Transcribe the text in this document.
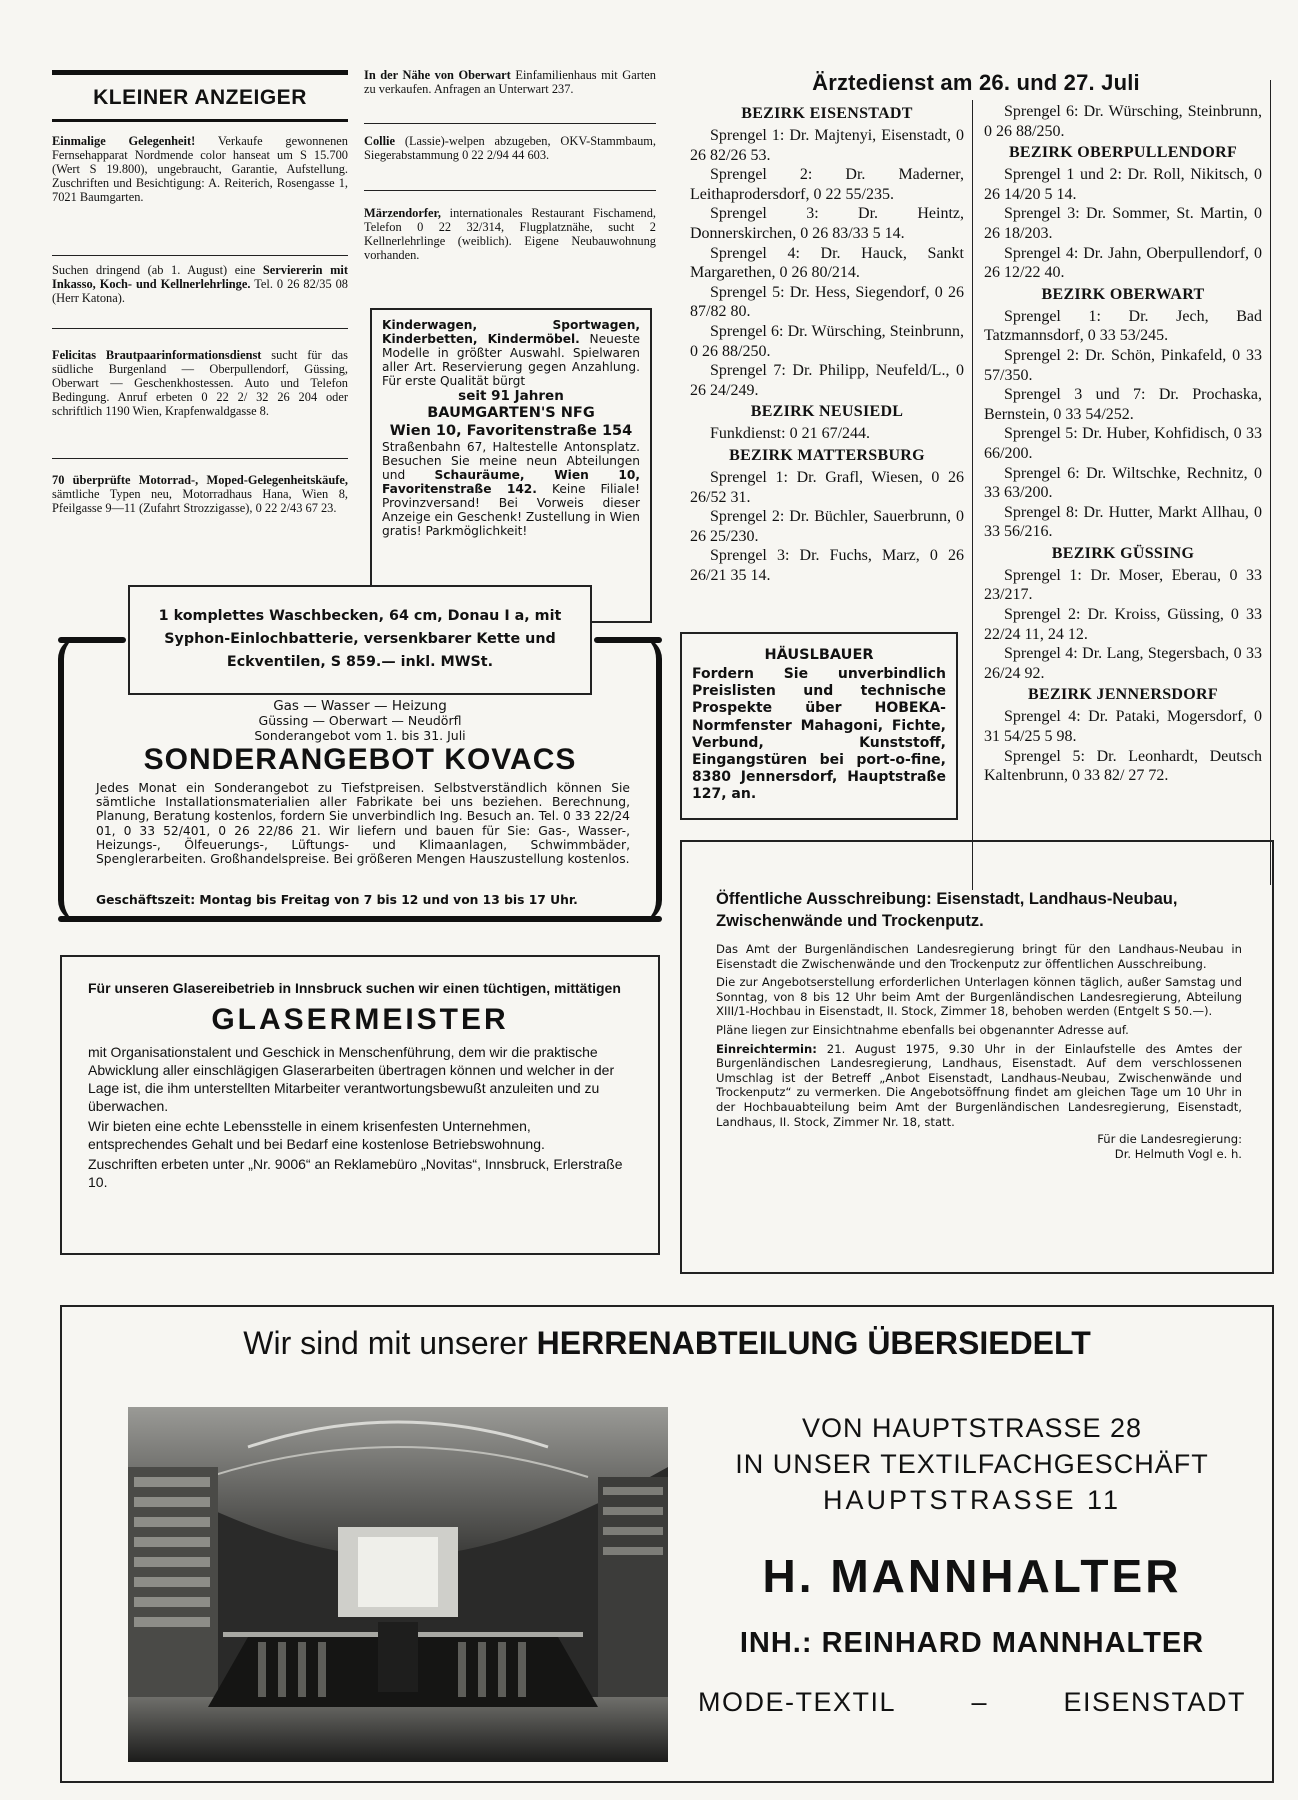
KLEINER ANZEIGER

Einmalige Gelegenheit! Verkaufe gewonnenen Fernsehapparat Nordmende color hanseat um S 15.700 (Wert S 19.800), ungebraucht, Garantie, Aufstellung. Zuschriften und Besichtigung: A. Reiterich, Rosengasse 1, 7021 Baumgarten.

Suchen dringend (ab 1. August) eine Serviererin mit Inkasso, Koch- und Kellnerlehrlinge. Tel. 0 26 82/35 08 (Herr Katona).

Felicitas Brautpaarinformationsdienst sucht für das südliche Burgenland — Oberpullendorf, Güssing, Oberwart — Geschenkhostessen. Auto und Telefon Bedingung. Anruf erbeten 0 22 2/ 32 26 204 oder schriftlich 1190 Wien, Krapfenwaldgasse 8.

70 überprüfte Motorrad-, Moped-Gelegenheitskäufe, sämtliche Typen neu, Motorradhaus Hana, Wien 8, Pfeilgasse 9—11 (Zufahrt Strozzigasse), 0 22 2/43 67 23.

In der Nähe von Oberwart Einfamilienhaus mit Garten zu verkaufen. Anfragen an Unterwart 237.

Collie (Lassie)-welpen abzugeben, OKV-Stammbaum, Siegerabstammung 0 22 2/94 44 603.

Märzendorfer, internationales Restaurant Fischamend, Telefon 0 22 32/314, Flugplatznähe, sucht 2 Kellnerlehrlinge (weiblich). Eigene Neubauwohnung vorhanden.

Kinderwagen, Sportwagen, Kinderbetten, Kindermöbel. Neueste Modelle in größter Auswahl. Spielwaren aller Art. Reservierung gegen Anzahlung. Für erste Qualität bürgt

seit 91 Jahren

BAUMGARTEN'S NFG

Wien 10, Favoritenstraße 154

Straßenbahn 67, Haltestelle Antonsplatz. Besuchen Sie meine neun Abteilungen und Schauräume, Wien 10, Favoritenstraße 142. Keine Filiale! Provinzversand! Bei Vorweis dieser Anzeige ein Geschenk! Zustellung in Wien gratis! Parkmöglichkeit!

Ärztedienst am 26. und 27. Juli

BEZIRK EISENSTADT

Sprengel 1: Dr. Majtenyi, Eisenstadt, 0 26 82/26 53.

Sprengel 2: Dr. Maderner, Leithaprodersdorf, 0 22 55/235.

Sprengel 3: Dr. Heintz, Donnerskirchen, 0 26 83/33 5 14.

Sprengel 4: Dr. Hauck, Sankt Margarethen, 0 26 80/214.

Sprengel 5: Dr. Hess, Siegendorf, 0 26 87/82 80.

Sprengel 6: Dr. Würsching, Steinbrunn, 0 26 88/250.

Sprengel 7: Dr. Philipp, Neufeld/L., 0 26 24/249.

BEZIRK NEUSIEDL

Funkdienst: 0 21 67/244.

BEZIRK MATTERSBURG

Sprengel 1: Dr. Grafl, Wiesen, 0 26 26/52 31.

Sprengel 2: Dr. Büchler, Sauerbrunn, 0 26 25/230.

Sprengel 3: Dr. Fuchs, Marz, 0 26 26/21 35 14.

Sprengel 6: Dr. Würsching, Steinbrunn, 0 26 88/250.

BEZIRK OBERPULLENDORF

Sprengel 1 und 2: Dr. Roll, Nikitsch, 0 26 14/20 5 14.

Sprengel 3: Dr. Sommer, St. Martin, 0 26 18/203.

Sprengel 4: Dr. Jahn, Oberpullendorf, 0 26 12/22 40.

BEZIRK OBERWART

Sprengel 1: Dr. Jech, Bad Tatzmannsdorf, 0 33 53/245.

Sprengel 2: Dr. Schön, Pinkafeld, 0 33 57/350.

Sprengel 3 und 7: Dr. Prochaska, Bernstein, 0 33 54/252.

Sprengel 5: Dr. Huber, Kohfidisch, 0 33 66/200.

Sprengel 6: Dr. Wiltschke, Rechnitz, 0 33 63/200.

Sprengel 8: Dr. Hutter, Markt Allhau, 0 33 56/216.

BEZIRK GÜSSING

Sprengel 1: Dr. Moser, Eberau, 0 33 23/217.

Sprengel 2: Dr. Kroiss, Güssing, 0 33 22/24 11, 24 12.

Sprengel 4: Dr. Lang, Stegersbach, 0 33 26/24 92.

BEZIRK JENNERSDORF

Sprengel 4: Dr. Pataki, Mogersdorf, 0 31 54/25 5 98.

Sprengel 5: Dr. Leonhardt, Deutsch Kaltenbrunn, 0 33 82/ 27 72.

HÄUSLBAUER

Fordern Sie unverbindlich Preislisten und technische Prospekte über HOBEKA-Normfenster Mahagoni, Fichte, Verbund, Kunststoff, Eingangstüren bei port-o-fine, 8380 Jennersdorf, Hauptstraße 127, an.

1 komplettes Waschbecken, 64 cm, Donau I a, mit Syphon-Einlochbatterie, versenkbarer Kette und Eckventilen, S 859.— inkl. MWSt.

Gas — Wasser — Heizung

Güssing — Oberwart — Neudörfl

Sonderangebot vom 1. bis 31. Juli

SONDERANGEBOT KOVACS

Jedes Monat ein Sonderangebot zu Tiefstpreisen. Selbstverständlich können Sie sämtliche Installationsmaterialien aller Fabrikate bei uns beziehen. Berechnung, Planung, Beratung kostenlos, fordern Sie unverbindlich Ing. Besuch an. Tel. 0 33 22/24 01, 0 33 52/401, 0 26 22/86 21. Wir liefern und bauen für Sie: Gas-, Wasser-, Heizungs-, Ölfeuerungs-, Lüftungs- und Klimaanlagen, Schwimmbäder, Spenglerarbeiten. Großhandelspreise. Bei größeren Mengen Hauszustellung kostenlos.

Geschäftszeit: Montag bis Freitag von 7 bis 12 und von 13 bis 17 Uhr.

Für unseren Glasereibetrieb in Innsbruck suchen wir einen tüchtigen, mittätigen

GLASERMEISTER

mit Organisationstalent und Geschick in Menschenführung, dem wir die praktische Abwicklung aller einschlägigen Glaserarbeiten übertragen können und welcher in der Lage ist, die ihm unterstellten Mitarbeiter verantwortungsbewußt anzuleiten und zu überwachen.

Wir bieten eine echte Lebensstelle in einem krisenfesten Unternehmen, entsprechendes Gehalt und bei Bedarf eine kostenlose Betriebswohnung.

Zuschriften erbeten unter „Nr. 9006“ an Reklamebüro „Novitas“, Innsbruck, Erlerstraße 10.

Öffentliche Ausschreibung: Eisenstadt, Landhaus-Neubau, Zwischenwände und Trockenputz.

Das Amt der Burgenländischen Landesregierung bringt für den Landhaus-Neubau in Eisenstadt die Zwischenwände und den Trockenputz zur öffentlichen Ausschreibung.

Die zur Angebotserstellung erforderlichen Unterlagen können täglich, außer Samstag und Sonntag, von 8 bis 12 Uhr beim Amt der Burgenländischen Landesregierung, Abteilung XIII/1-Hochbau in Eisenstadt, II. Stock, Zimmer 18, behoben werden (Entgelt S 50.—).

Pläne liegen zur Einsichtnahme ebenfalls bei obgenannter Adresse auf.

Einreichtermin: 21. August 1975, 9.30 Uhr in der Einlaufstelle des Amtes der Burgenländischen Landesregierung, Landhaus, Eisenstadt. Auf dem verschlossenen Umschlag ist der Betreff „Anbot Eisenstadt, Landhaus-Neubau, Zwischenwände und Trockenputz“ zu vermerken. Die Angebotsöffnung findet am gleichen Tage um 10 Uhr in der Hochbauabteilung beim Amt der Burgenländischen Landesregierung, Eisenstadt, Landhaus, II. Stock, Zimmer Nr. 18, statt.

Für die Landesregierung:

Dr. Helmuth Vogl e. h.

Wir sind mit unserer HERRENABTEILUNG ÜBERSIEDELT

VON HAUPTSTRASSE 28

IN UNSER TEXTILFACHGESCHÄFT

HAUPTSTRASSE 11

H. MANNHALTER

INH.: REINHARD MANNHALTER

MODE-TEXTIL	–	EISENSTADT
